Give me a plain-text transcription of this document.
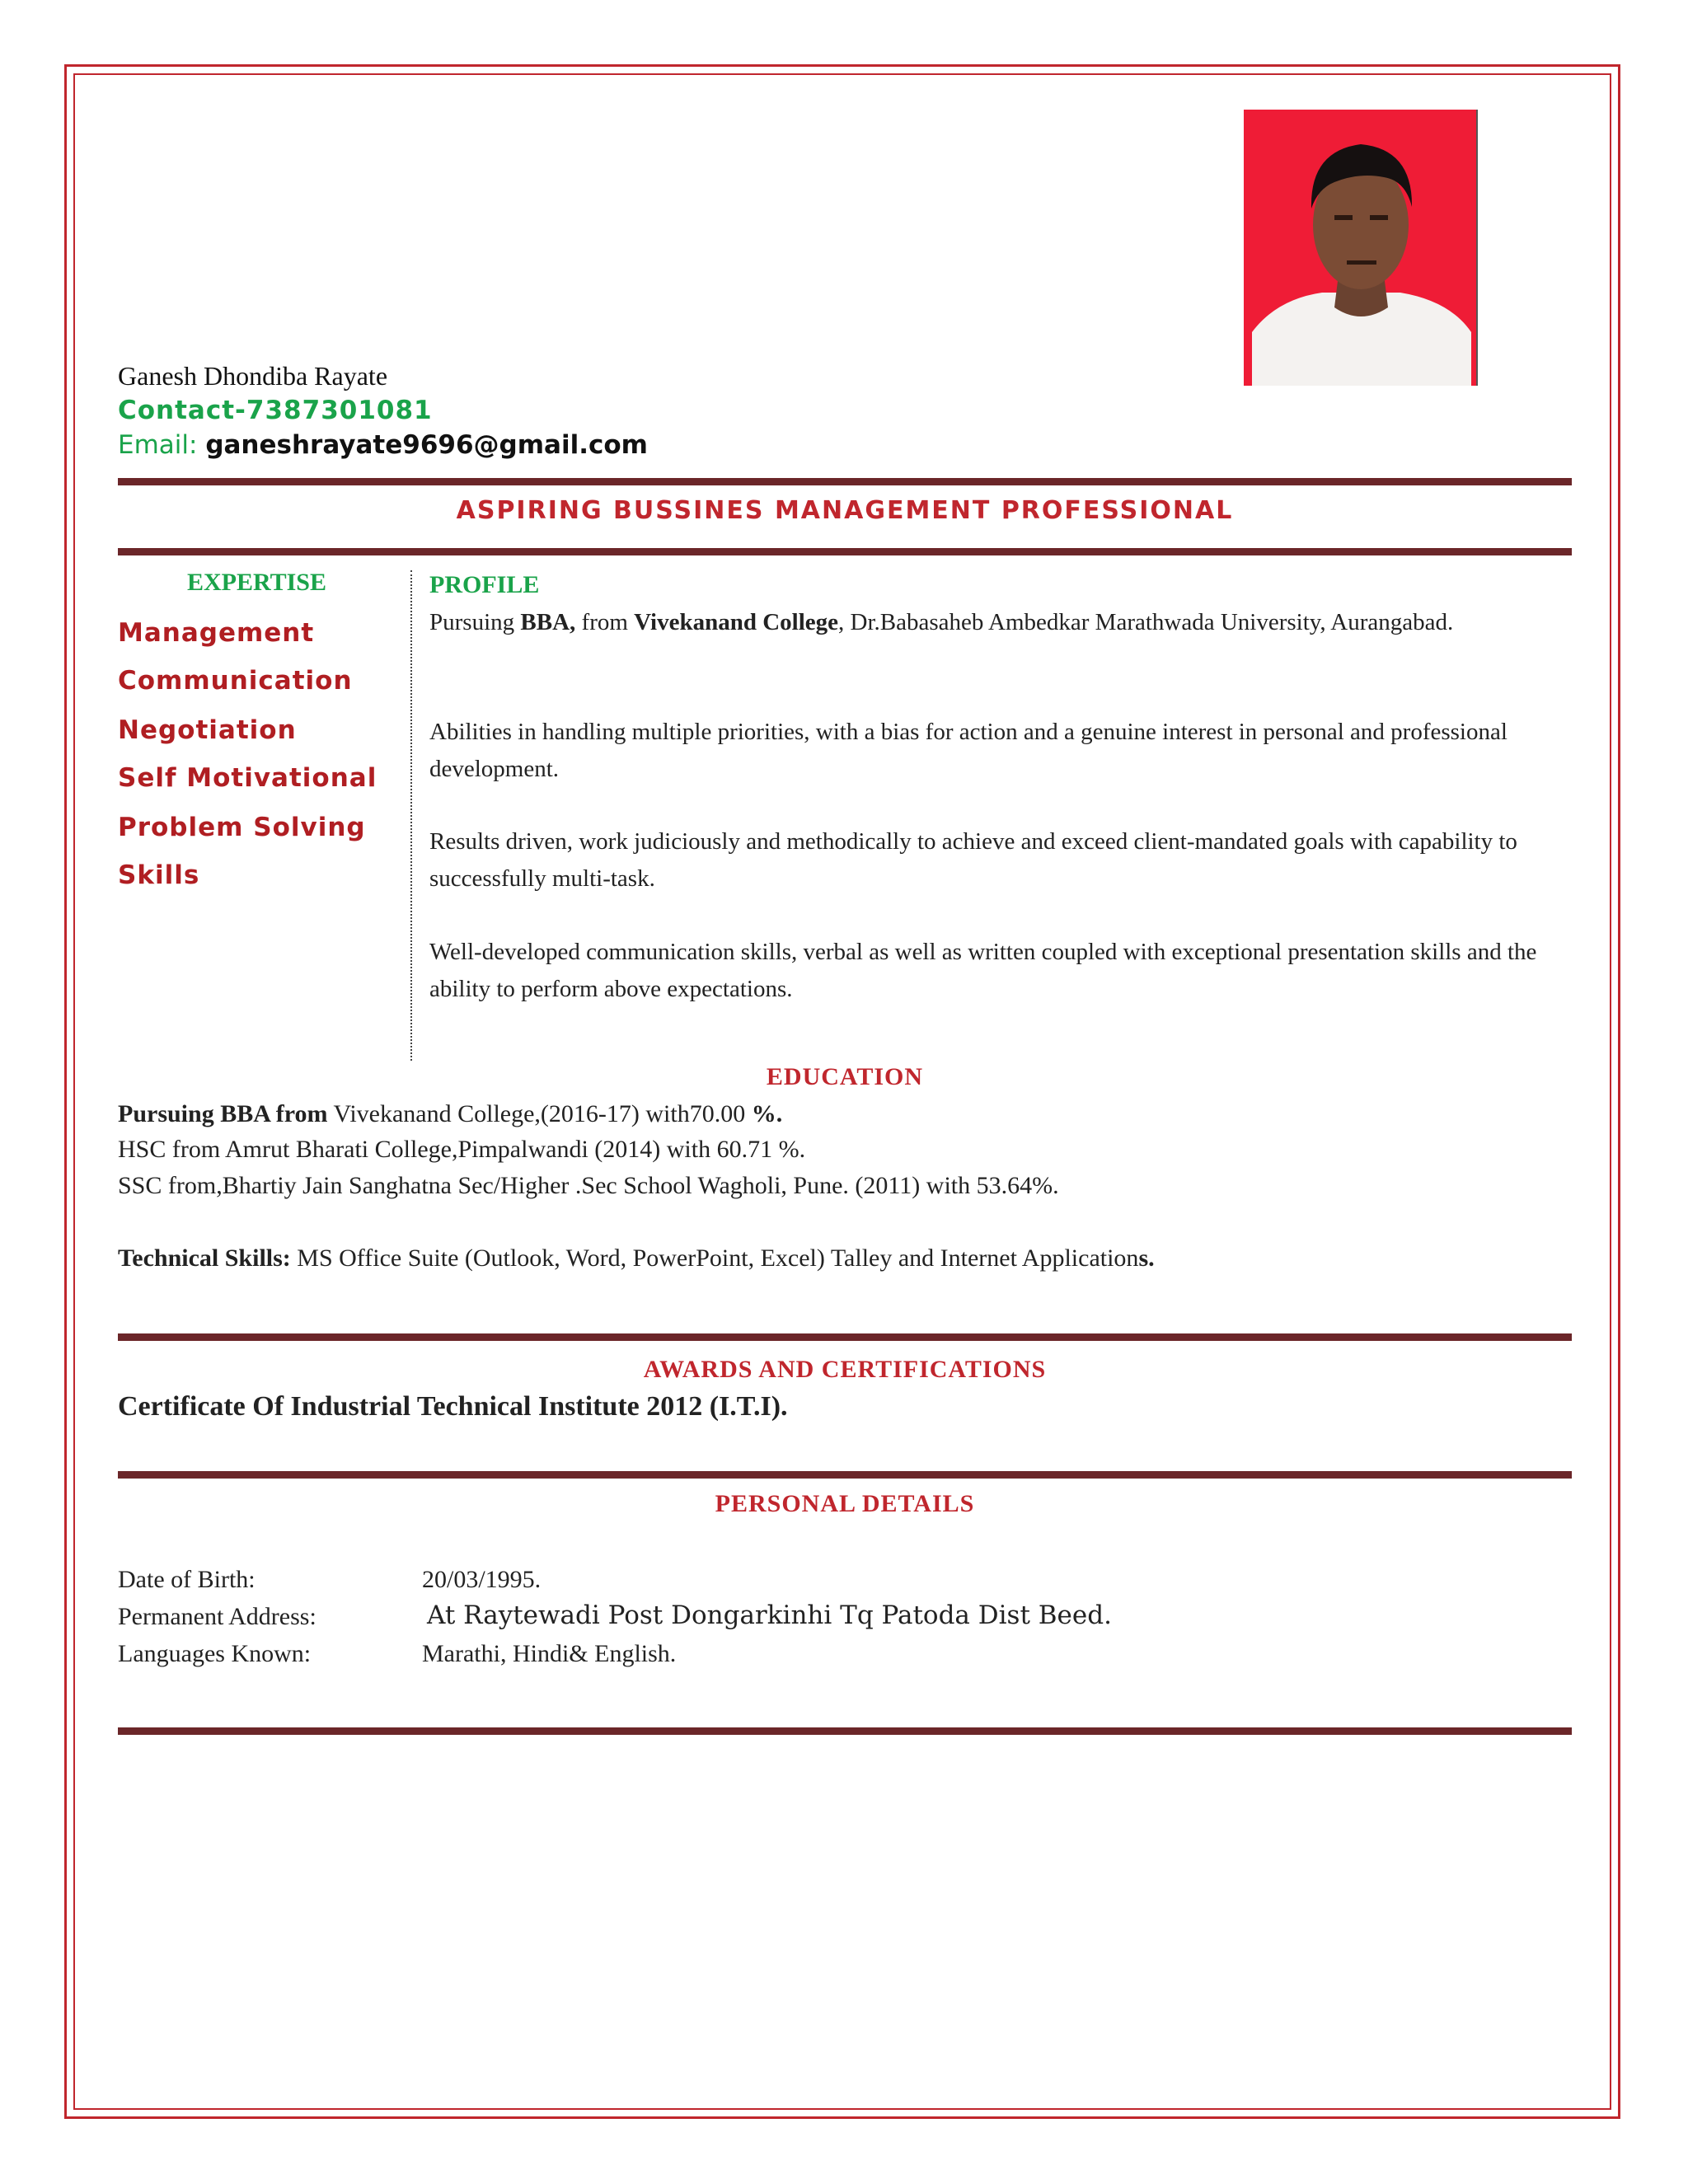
Ganesh Dhondiba Rayate
Contact-7387301081
Email: ganeshrayate9696@gmail.com
ASPIRING BUSSINES MANAGEMENT PROFESSIONAL
EXPERTISE
Management
Communication
Negotiation
Self Motivational
Problem Solving
Skills
PROFILE
Pursuing BBA, from Vivekanand College, Dr.Babasaheb Ambedkar Marathwada University, Aurangabad.
Abilities in handling multiple priorities, with a bias for action and a genuine interest in personal and professional development.
Results driven, work judiciously and methodically to achieve and exceed client-mandated goals with capability to successfully multi-task.
Well-developed communication skills, verbal as well as written coupled with exceptional presentation skills and the ability to perform above expectations.
EDUCATION
Pursuing BBA from Vivekanand College,(2016-17) with70.00 %.
HSC from Amrut Bharati College,Pimpalwandi (2014) with 60.71 %.
SSC from,Bhartiy Jain Sanghatna Sec/Higher .Sec School Wagholi, Pune. (2011) with 53.64%.
Technical Skills: MS Office Suite (Outlook, Word, PowerPoint, Excel) Talley and Internet Applications.
AWARDS AND CERTIFICATIONS
Certificate Of Industrial Technical Institute 2012 (I.T.I).
PERSONAL DETAILS
Date of Birth:	20/03/1995.
Permanent Address:	At Raytewadi Post Dongarkinhi Tq Patoda Dist Beed.
Languages Known:	Marathi, Hindi& English.
